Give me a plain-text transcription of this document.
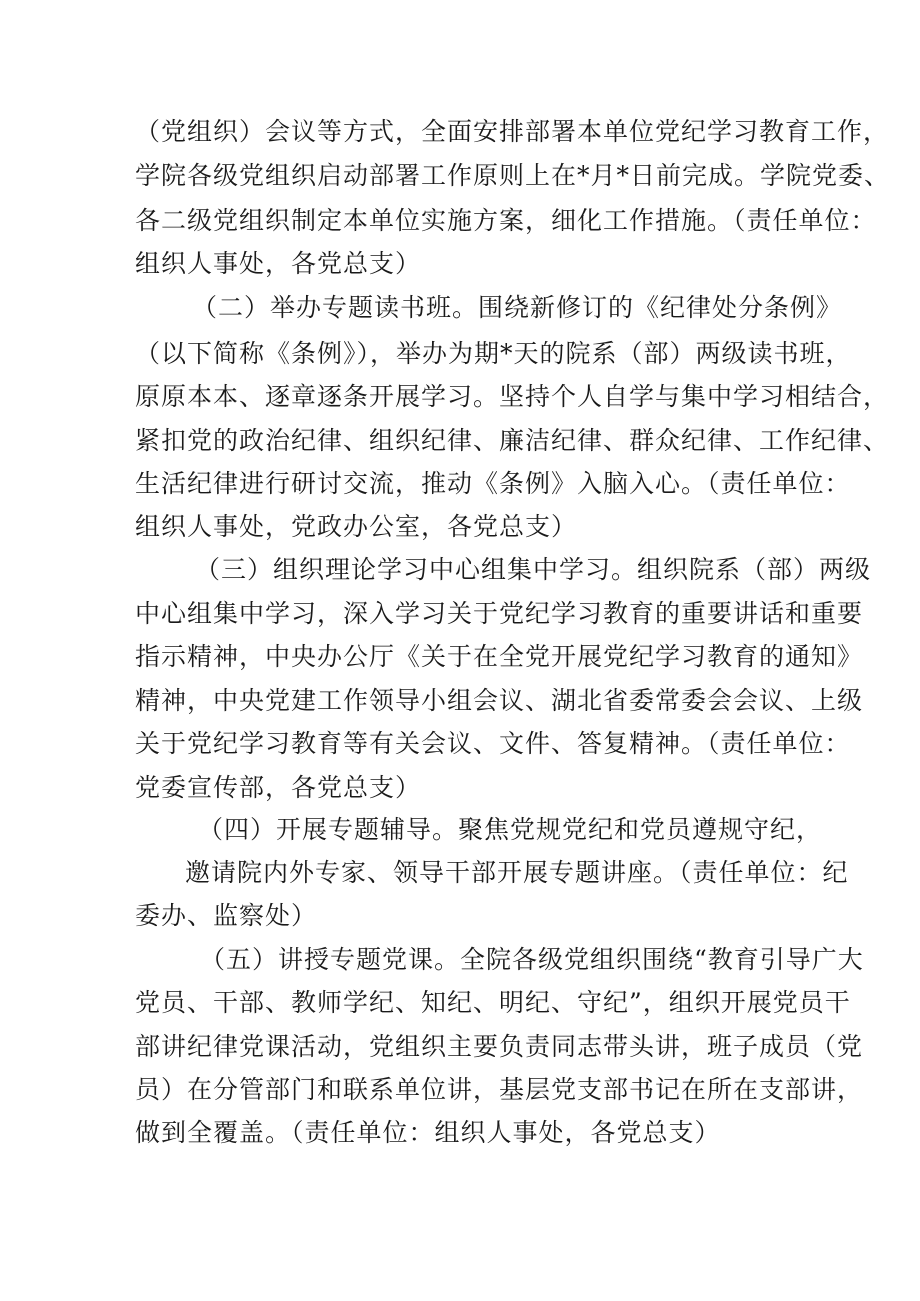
（党组织）会议等方式，全面安排部署本单位党纪学习教育工作，
学院各级党组织启动部署工作原则上在*月*日前完成。学院党委、
各二级党组织制定本单位实施方案，细化工作措施。（责任单位：
组织人事处，各党总支）
（二）举办专题读书班。围绕新修订的《纪律处分条例》
（以下简称《条例》），举办为期*天的院系（部）两级读书班，
原原本本、逐章逐条开展学习。坚持个人自学与集中学习相结合，
紧扣党的政治纪律、组织纪律、廉洁纪律、群众纪律、工作纪律、
生活纪律进行研讨交流，推动《条例》入脑入心。（责任单位：
组织人事处，党政办公室，各党总支）
（三）组织理论学习中心组集中学习。组织院系（部）两级
中心组集中学习，深入学习关于党纪学习教育的重要讲话和重要
指示精神，中央办公厅《关于在全党开展党纪学习教育的通知》
精神，中央党建工作领导小组会议、湖北省委常委会会议、上级
关于党纪学习教育等有关会议、文件、答复精神。（责任单位：
党委宣传部，各党总支）
（四）开展专题辅导。聚焦党规党纪和党员遵规守纪，
邀请院内外专家、领导干部开展专题讲座。（责任单位：纪
委办、监察处）
（五）讲授专题党课。全院各级党组织围绕“教育引导广大
党员、干部、教师学纪、知纪、明纪、守纪”，组织开展党员干
部讲纪律党课活动，党组织主要负责同志带头讲，班子成员（党
员）在分管部门和联系单位讲，基层党支部书记在所在支部讲，
做到全覆盖。（责任单位：组织人事处，各党总支）
